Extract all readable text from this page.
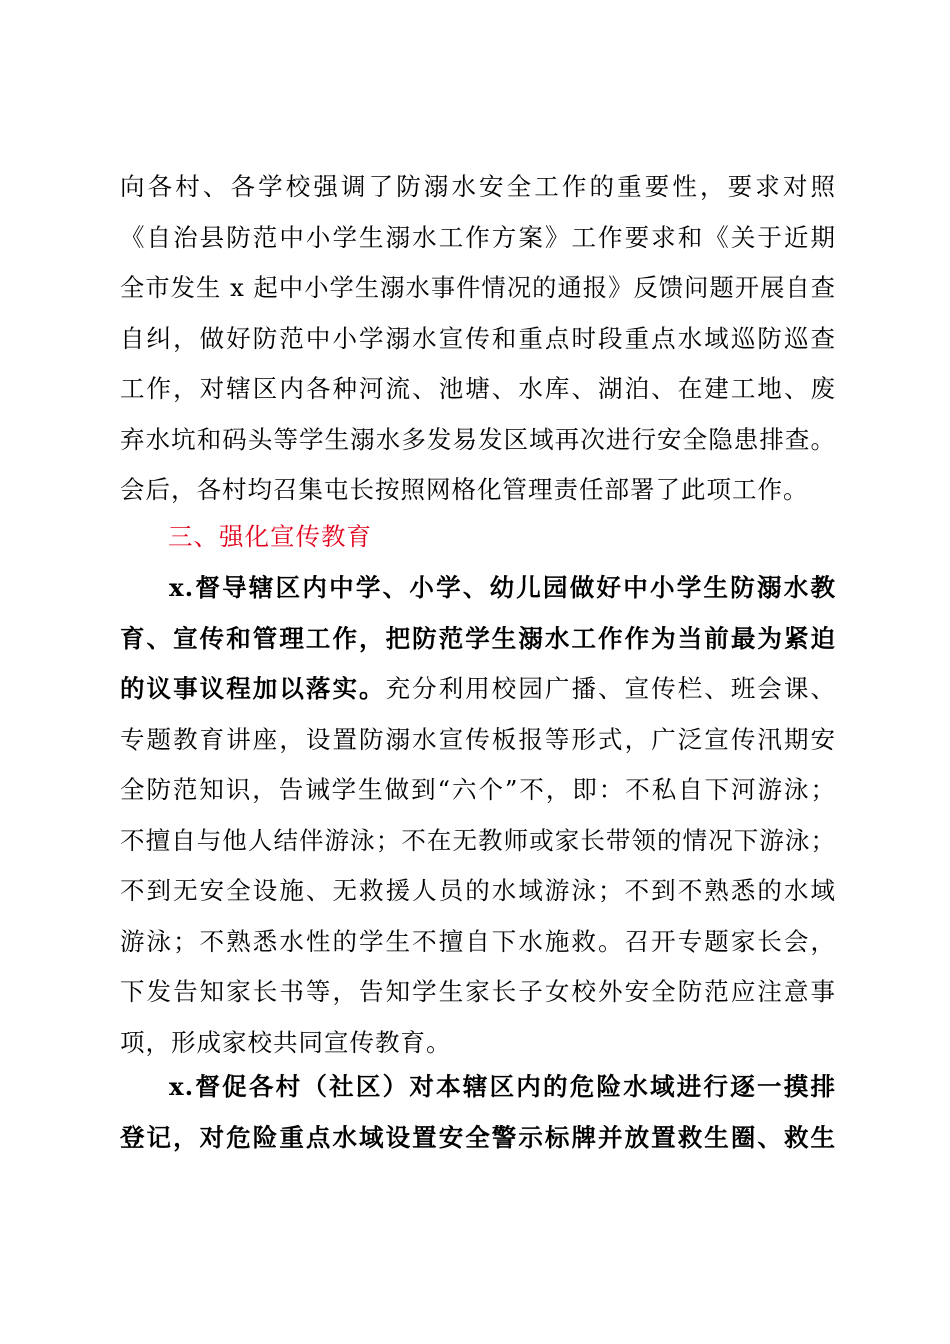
向各村、各学校强调了防溺水安全工作的重要性，要求对照
《自治县防范中小学生溺水工作方案》工作要求和《关于近期
全市发生 x 起中小学生溺水事件情况的通报》反馈问题开展自查
自纠，做好防范中小学溺水宣传和重点时段重点水域巡防巡查
工作，对辖区内各种河流、池塘、水库、湖泊、在建工地、废
弃水坑和码头等学生溺水多发易发区域再次进行安全隐患排查。
会后，各村均召集屯长按照网格化管理责任部署了此项工作。
三、强化宣传教育
x.督导辖区内中学、小学、幼儿园做好中小学生防溺水教
育、宣传和管理工作，把防范学生溺水工作作为当前最为紧迫
的议事议程加以落实。充分利用校园广播、宣传栏、班会课、
专题教育讲座，设置防溺水宣传板报等形式，广泛宣传汛期安
全防范知识，告诫学生做到“六个”不，即：不私自下河游泳；
不擅自与他人结伴游泳；不在无教师或家长带领的情况下游泳；
不到无安全设施、无救援人员的水域游泳；不到不熟悉的水域
游泳；不熟悉水性的学生不擅自下水施救。召开专题家长会，
下发告知家长书等，告知学生家长子女校外安全防范应注意事
项，形成家校共同宣传教育。
x.督促各村（社区）对本辖区内的危险水域进行逐一摸排
登记，对危险重点水域设置安全警示标牌并放置救生圈、救生
